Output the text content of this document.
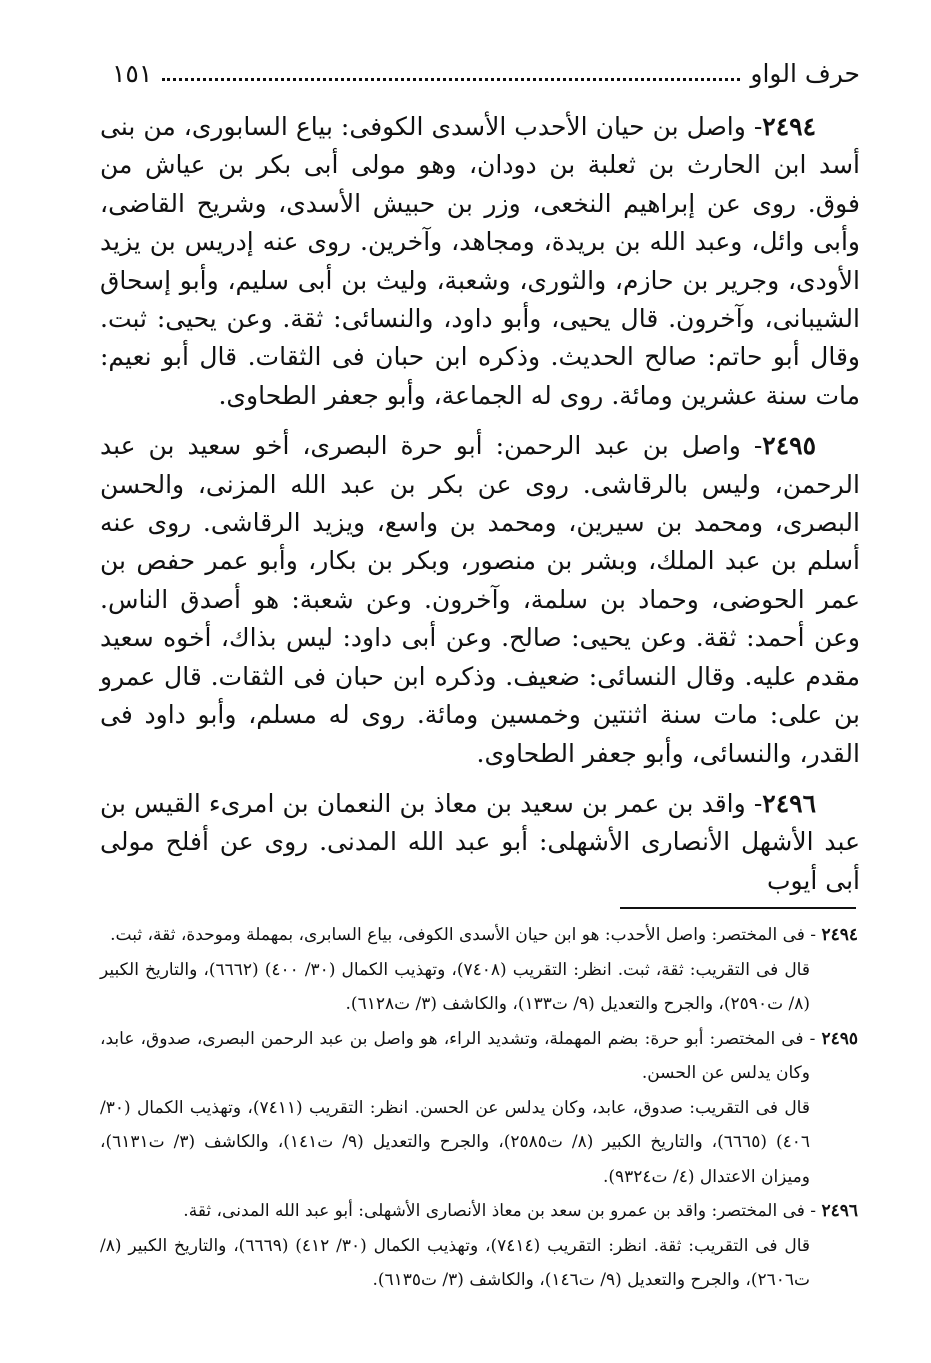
حرف الواو
١٥١

٢٤٩٤- واصل بن حيان الأحدب الأسدى الكوفى: بياع السابورى، من بنى أسد ابن الحارث بن ثعلبة بن دودان، وهو مولى أبى بكر بن عياش من فوق. روى عن إبراهيم النخعى، وزر بن حبيش الأسدى، وشريح القاضى، وأبى وائل، وعبد الله بن بريدة، ومجاهد، وآخرين. روى عنه إدريس بن يزيد الأودى، وجرير بن حازم، والثورى، وشعبة، وليث بن أبى سليم، وأبو إسحاق الشيبانى، وآخرون. قال يحيى، وأبو داود، والنسائى: ثقة. وعن يحيى: ثبت. وقال أبو حاتم: صالح الحديث. وذكره ابن حبان فى الثقات. قال أبو نعيم: مات سنة عشرين ومائة. روى له الجماعة، وأبو جعفر الطحاوى.

٢٤٩٥- واصل بن عبد الرحمن: أبو حرة البصرى، أخو سعيد بن عبد الرحمن، وليس بالرقاشى. روى عن بكر بن عبد الله المزنى، والحسن البصرى، ومحمد بن سيرين، ومحمد بن واسع، ويزيد الرقاشى. روى عنه أسلم بن عبد الملك، وبشر بن منصور، وبكر بن بكار، وأبو عمر حفص بن عمر الحوضى، وحماد بن سلمة، وآخرون. وعن شعبة: هو أصدق الناس. وعن أحمد: ثقة. وعن يحيى: صالح. وعن أبى داود: ليس بذاك، أخوه سعيد مقدم عليه. وقال النسائى: ضعيف. وذكره ابن حبان فى الثقات. قال عمرو بن على: مات سنة اثنتين وخمسين ومائة. روى له مسلم، وأبو داود فى القدر، والنسائى، وأبو جعفر الطحاوى.

٢٤٩٦- واقد بن عمر بن سعيد بن معاذ بن النعمان بن امرىء القيس بن عبد الأشهل الأنصارى الأشهلى: أبو عبد الله المدنى. روى عن أفلح مولى أبى أيوب

٢٤٩٤ - فى المختصر: واصل الأحدب: هو ابن حيان الأسدى الكوفى، بياع السابرى، بمهملة وموحدة، ثقة، ثبت.

قال فى التقريب: ثقة، ثبت. انظر: التقريب (٧٤٠٨)، وتهذيب الكمال (٣٠/ ٤٠٠) (٦٦٦٢)، والتاريخ الكبير (٨/ ت٢٥٩٠)، والجرح والتعديل (٩/ ت١٣٣)، والكاشف (٣/ ت٦١٢٨).

٢٤٩٥ - فى المختصر: أبو حرة: بضم المهملة، وتشديد الراء، هو واصل بن عبد الرحمن البصرى، صدوق، عابد، وكان يدلس عن الحسن.

قال فى التقريب: صدوق، عابد، وكان يدلس عن الحسن. انظر: التقريب (٧٤١١)، وتهذيب الكمال (٣٠/ ٤٠٦) (٦٦٦٥)، والتاريخ الكبير (٨/ ت٢٥٨٥)، والجرح والتعديل (٩/ ت١٤١)، والكاشف (٣/ ت٦١٣١)، وميزان الاعتدال (٤/ ت٩٣٢٤).

٢٤٩٦ - فى المختصر: واقد بن عمرو بن سعد بن معاذ الأنصارى الأشهلى: أبو عبد الله المدنى، ثقة.

قال فى التقريب: ثقة. انظر: التقريب (٧٤١٤)، وتهذيب الكمال (٣٠/ ٤١٢) (٦٦٦٩)، والتاريخ الكبير (٨/ ت٢٦٠٦)، والجرح والتعديل (٩/ ت١٤٦)، والكاشف (٣/ ت٦١٣٥).
